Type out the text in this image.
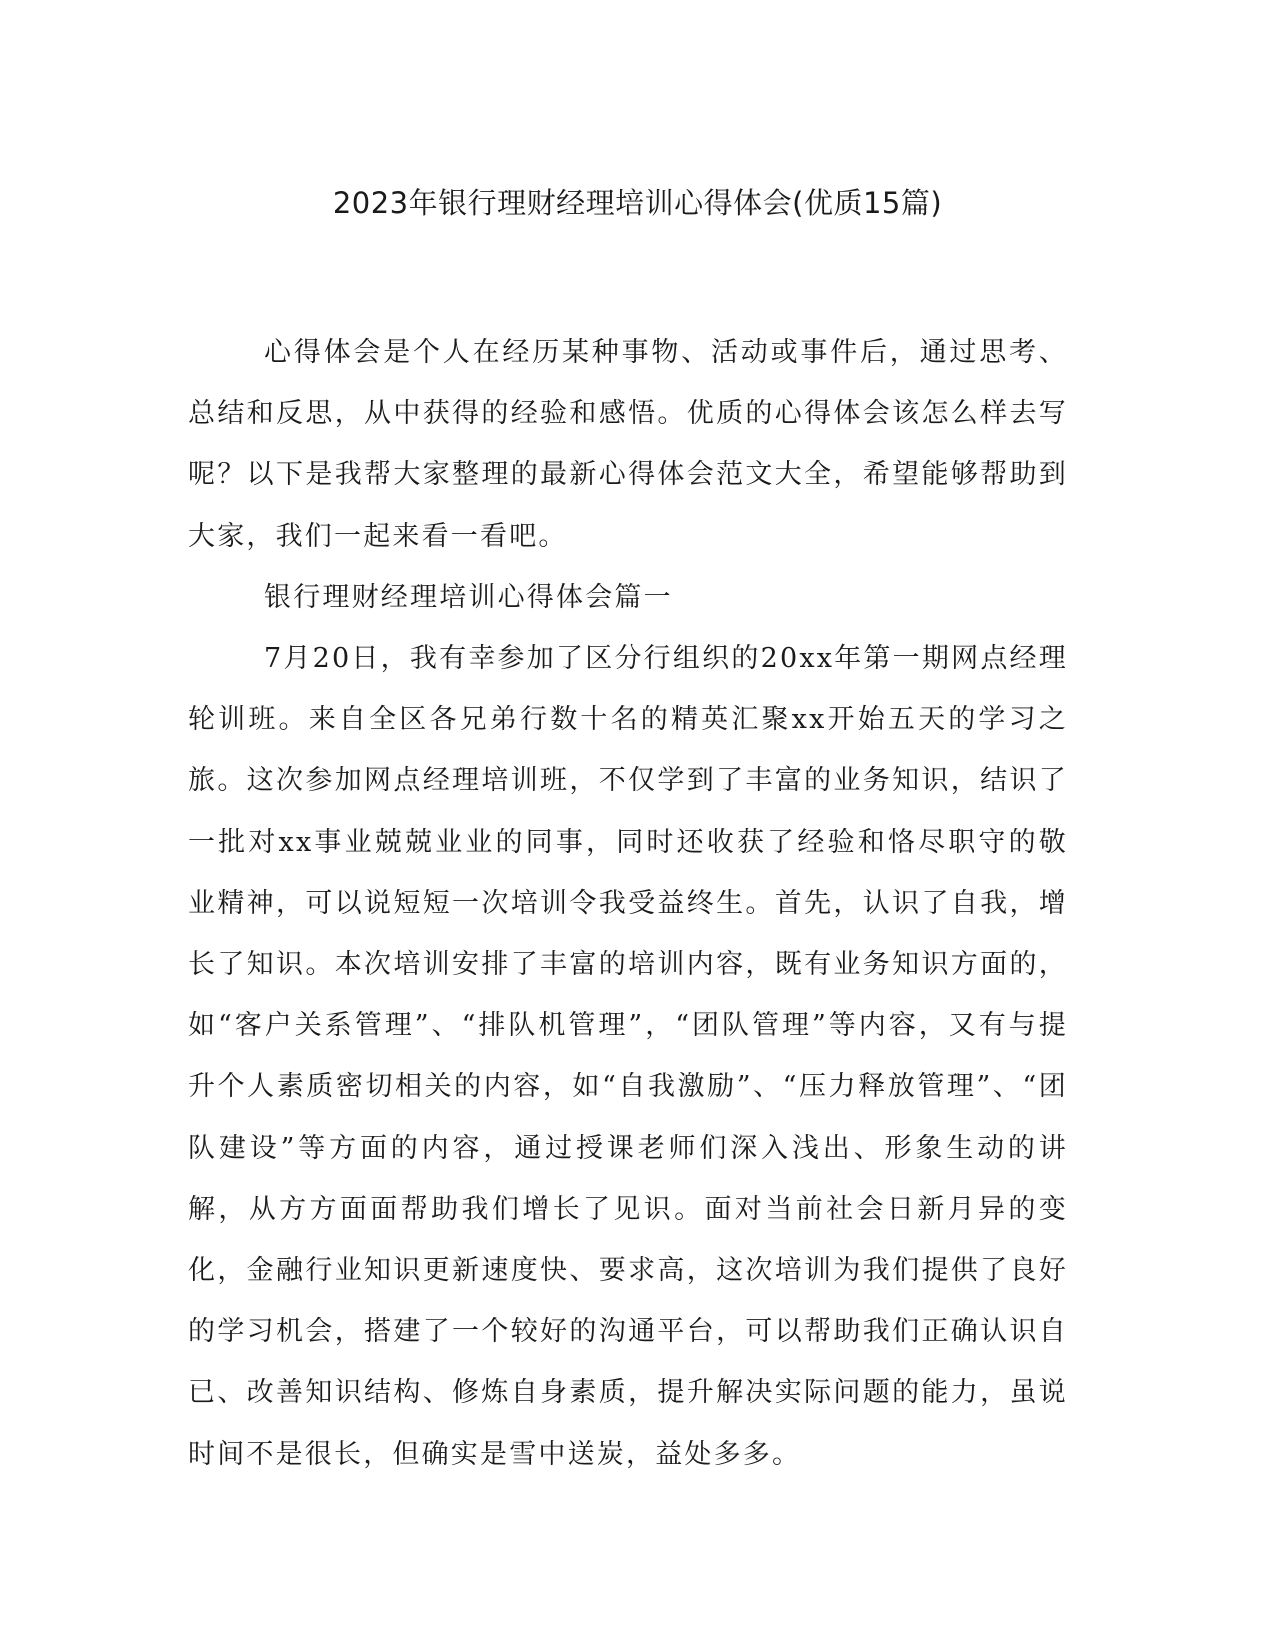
2023年银行理财经理培训心得体会(优质15篇)

心得体会是个人在经历某种事物、活动或事件后，通过思考、总结和反思，从中获得的经验和感悟。优质的心得体会该怎么样去写呢？以下是我帮大家整理的最新心得体会范文大全，希望能够帮助到大家，我们一起来看一看吧。

银行理财经理培训心得体会篇一

7月20日，我有幸参加了区分行组织的20xx年第一期网点经理轮训班。来自全区各兄弟行数十名的精英汇聚xx开始五天的学习之旅。这次参加网点经理培训班，不仅学到了丰富的业务知识，结识了一批对xx事业兢兢业业的同事，同时还收获了经验和恪尽职守的敬业精神，可以说短短一次培训令我受益终生。首先，认识了自我，增长了知识。本次培训安排了丰富的培训内容，既有业务知识方面的，如“客户关系管理”、“排队机管理”，“团队管理”等内容，又有与提升个人素质密切相关的内容，如“自我激励”、“压力释放管理”、“团队建设”等方面的内容，通过授课老师们深入浅出、形象生动的讲解，从方方面面帮助我们增长了见识。面对当前社会日新月异的变化，金融行业知识更新速度快、要求高，这次培训为我们提供了良好的学习机会，搭建了一个较好的沟通平台，可以帮助我们正确认识自已、改善知识结构、修炼自身素质，提升解决实际问题的能力，虽说时间不是很长，但确实是雪中送炭，益处多多。
